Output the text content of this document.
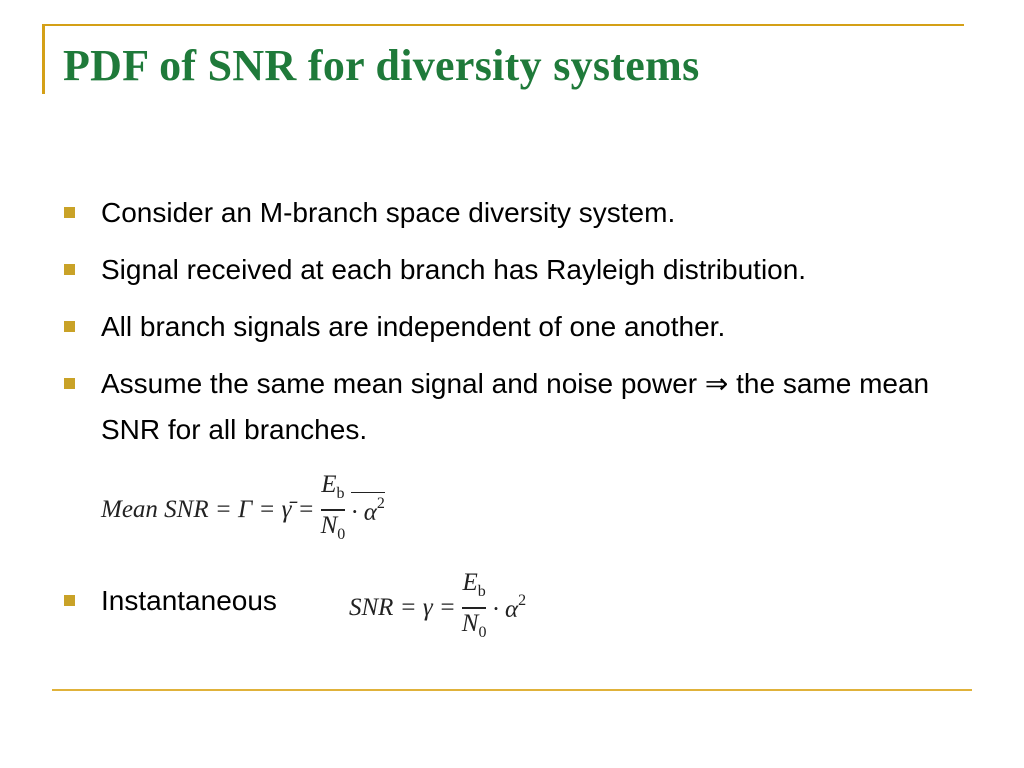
PDF of SNR for diversity systems
Consider an M-branch space diversity system.
Signal received at each branch has Rayleigh distribution.
All branch signals are independent of one another.
Assume the same mean signal and noise power ⇒ the same mean SNR for all branches.
Mean SNR = Γ = γ̄ = $\frac{E_b}{N_0} \cdot \alpha^2$
Instantaneous	SNR = $\gamma = \frac{E_b}{N_0} \cdot \alpha^2$
